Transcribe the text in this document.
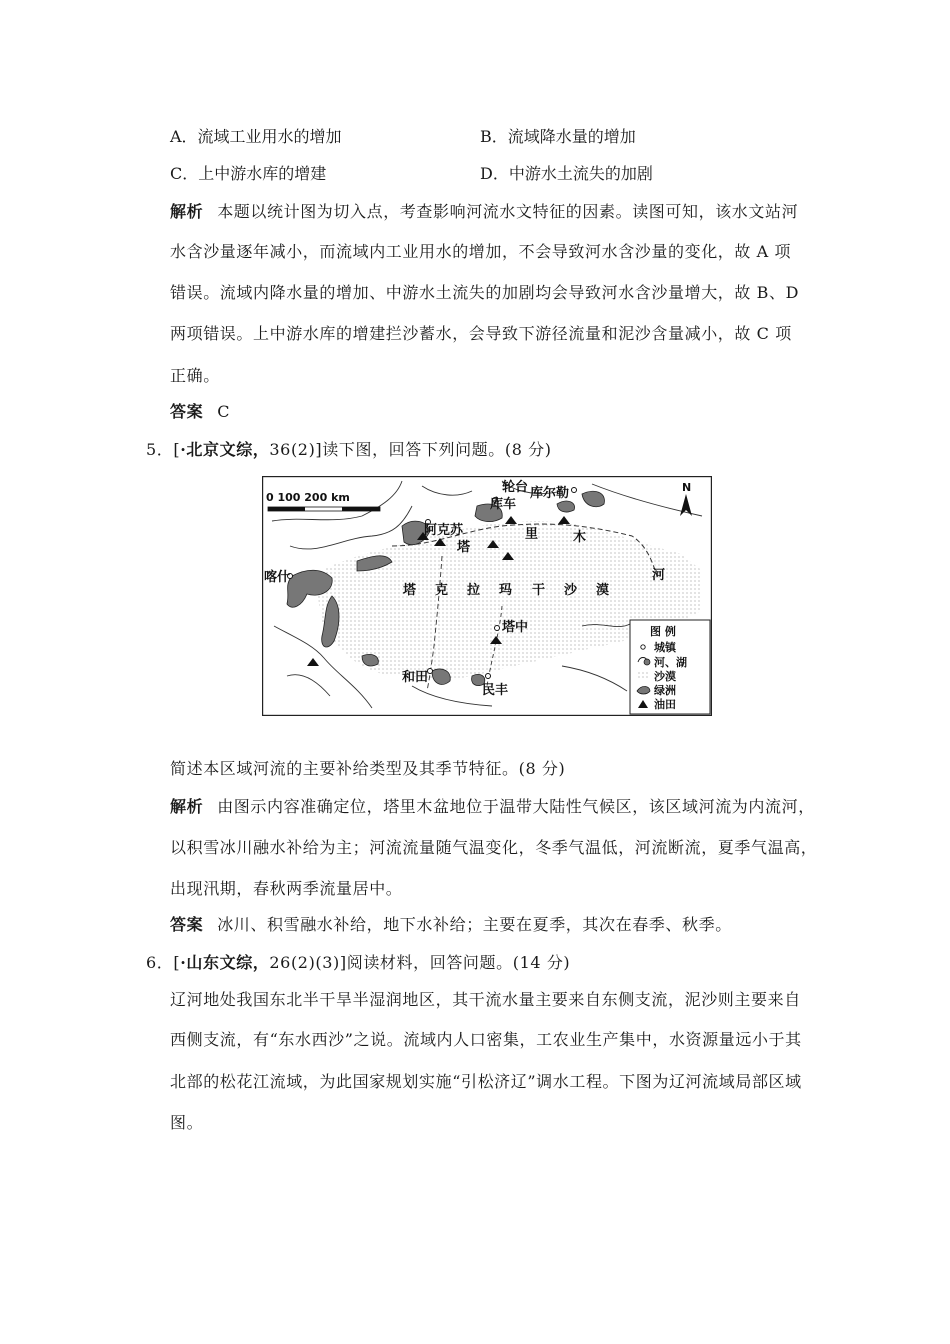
A．流域工业用水的增加	B．流域降水量的增加
C．上中游水库的增建	D．中游水土流失的加剧
解析 本题以统计图为切入点，考查影响河流水文特征的因素。读图可知，该水文站河
水含沙量逐年减小，而流域内工业用水的增加，不会导致河水含沙量的变化，故 A 项
错误。流域内降水量的增加、中游水土流失的加剧均会导致河水含沙量增大，故 B、D
两项错误。上中游水库的增建拦沙蓄水，会导致下游径流量和泥沙含量减小，故 C 项
正确。
答案 C
5．[·北京文综，36(2)]读下图，回答下列问题。(8 分)
0 100 200 km
N
轮台 库尔勒
库车
阿克苏
喀什
塔中
和田
民丰
塔
里	木
河
塔 克 拉 玛 干 沙 漠
图 例
城镇
河、湖
沙漠
绿洲
油田
简述本区域河流的主要补给类型及其季节特征。(8 分)
解析 由图示内容准确定位，塔里木盆地位于温带大陆性气候区，该区域河流为内流河，
以积雪冰川融水补给为主；河流流量随气温变化，冬季气温低，河流断流，夏季气温高，
出现汛期，春秋两季流量居中。
答案 冰川、积雪融水补给，地下水补给；主要在夏季，其次在春季、秋季。
6．[·山东文综，26(2)(3)]阅读材料，回答问题。(14 分)
辽河地处我国东北半干旱半湿润地区，其干流水量主要来自东侧支流，泥沙则主要来自
西侧支流，有“东水西沙”之说。流域内人口密集，工农业生产集中，水资源量远小于其
北部的松花江流域，为此国家规划实施“引松济辽”调水工程。下图为辽河流域局部区域
图。
